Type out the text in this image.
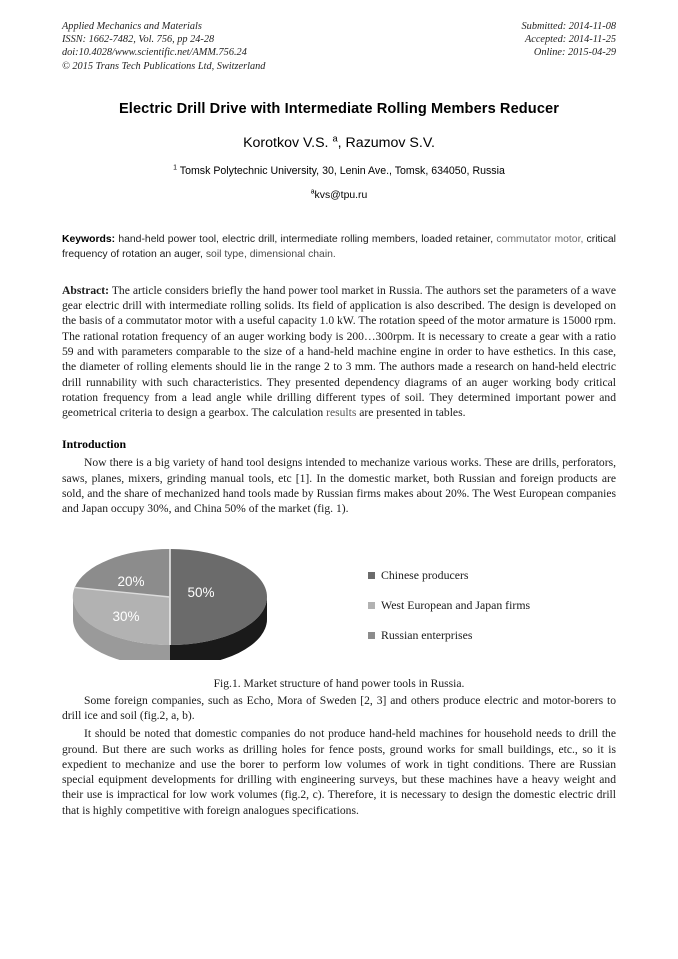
Applied Mechanics and Materials
ISSN: 1662-7482, Vol. 756, pp 24-28
doi:10.4028/www.scientific.net/AMM.756.24
© 2015 Trans Tech Publications Ltd, Switzerland
Submitted: 2014-11-08
Accepted: 2014-11-25
Online: 2015-04-29
Electric Drill Drive with Intermediate Rolling Members Reducer
Korotkov V.S. $^a$, Razumov S.V.
$^1$ Tomsk Polytechnic University, 30, Lenin Ave., Tomsk, 634050, Russia
$^a$kvs@tpu.ru
Keywords: hand-held power tool, electric drill, intermediate rolling members, loaded retainer, commutator motor, critical frequency of rotation an auger, soil type, dimensional chain.
Abstract: The article considers briefly the hand power tool market in Russia. The authors set the parameters of a wave gear electric drill with intermediate rolling solids. Its field of application is also described. The design is developed on the basis of a commutator motor with a useful capacity 1.0 kW. The rotation speed of the motor armature is 15000 rpm. The rational rotation frequency of an auger working body is 200…300rpm. It is necessary to create a gear with a ratio 59 and with parameters comparable to the size of a hand-held machine engine in order to have esthetics. In this case, the diameter of rolling elements should lie in the range 2 to 3 mm. The authors made a research on hand-held electric drill runnability with such characteristics. They presented dependency diagrams of an auger working body critical rotation frequency from a lead angle while drilling different types of soil. They determined important power and geometrical criteria to design a gearbox. The calculation results are presented in tables.
Introduction
Now there is a big variety of hand tool designs intended to mechanize various works. These are drills, perforators, saws, planes, mixers, grinding manual tools, etc [1]. In the domestic market, both Russian and foreign products are sold, and the share of mechanized hand tools made by Russian firms makes about 20%. The West European companies and Japan occupy 30%, and China 50% of the market (fig. 1).
20%
30%
50%
Chinese producers
West European and Japan firms
Russian enterprises
Fig.1. Market structure of hand power tools in Russia.
Some foreign companies, such as Echo, Mora of Sweden [2, 3] and others produce electric and motor-borers to drill ice and soil (fig.2, a, b).
It should be noted that domestic companies do not produce hand-held machines for household needs to drill the ground. But there are such works as drilling holes for fence posts, ground works for small buildings, etc., so it is expedient to mechanize and use the borer to perform low volumes of work in tight conditions. There are Russian special equipment developments for drilling with engineering surveys, but these machines have a heavy weight and their use is impractical for low work volumes (fig.2, c). Therefore, it is necessary to design the domestic electric drill that is highly competitive with foreign analogues specifications.
